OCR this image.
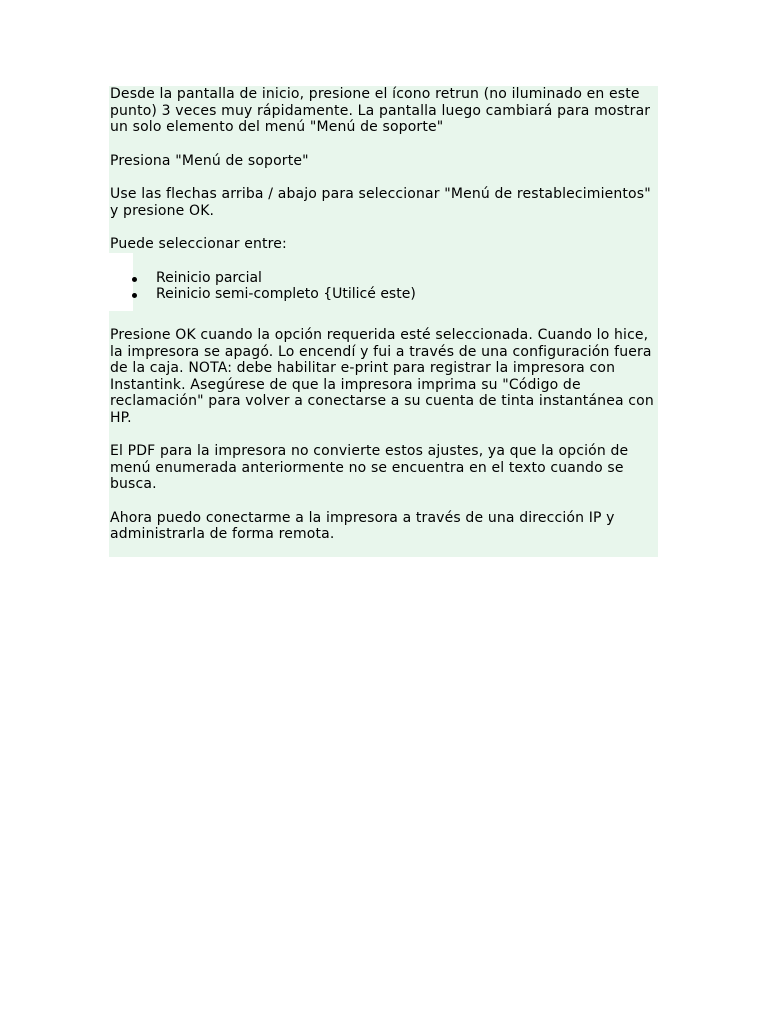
Desde la pantalla de inicio, presione el ícono retrun (no iluminado en este punto) 3 veces muy rápidamente. La pantalla luego cambiará para mostrar un solo elemento del menú "Menú de soporte"

Presiona "Menú de soporte"

Use las flechas arriba / abajo para seleccionar "Menú de restablecimientos" y presione OK.

Puede seleccionar entre:

Reinicio parcial
Reinicio semi-completo {Utilicé este)

Presione OK cuando la opción requerida esté seleccionada. Cuando lo hice, la impresora se apagó. Lo encendí y fui a través de una configuración fuera de la caja. NOTA: debe habilitar e-print para registrar la impresora con Instantink. Asegúrese de que la impresora imprima su "Código de reclamación" para volver a conectarse a su cuenta de tinta instantánea con HP.

El PDF para la impresora no convierte estos ajustes, ya que la opción de menú enumerada anteriormente no se encuentra en el texto cuando se busca.

Ahora puedo conectarme a la impresora a través de una dirección IP y administrarla de forma remota.
